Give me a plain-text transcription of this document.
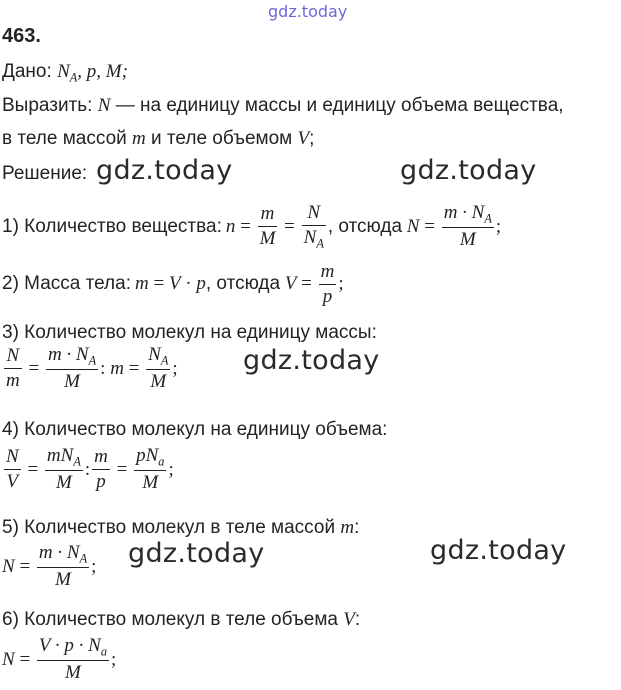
gdz.today
463.
Дано: $N_A$, p, M;
Выразить: N — на единицу массы и единицу объема вещества,
в теле массой m и теле объемом V;
Решение: gdz.today	gdz.today
1) Количество вещества: $n = \frac{m}{M} = \frac{N}{N_A}$ , отсюда $N = \frac{m \cdot N_A}{M}$ ;
2) Масса тела: m = V · p , отсюда $V = \frac{m}{p}$ ;
3) Количество молекул на единицу массы:
$\frac{N}{m} = \frac{m \cdot N_A}{M}$ : $m = \frac{N_A}{M}$ ; gdz.today
4) Количество молекул на единицу объема:
$\frac{N}{V} = \frac{mN_A}{M}$ : $\frac{m}{p} = \frac{pN_a}{M}$ ;
5) Количество молекул в теле массой m:
$N = \frac{m \cdot N_A}{M}$ ; gdz.today	gdz.today
6) Количество молекул в теле объема V:
$N = \frac{V \cdot p \cdot N_a}{M}$ ;
